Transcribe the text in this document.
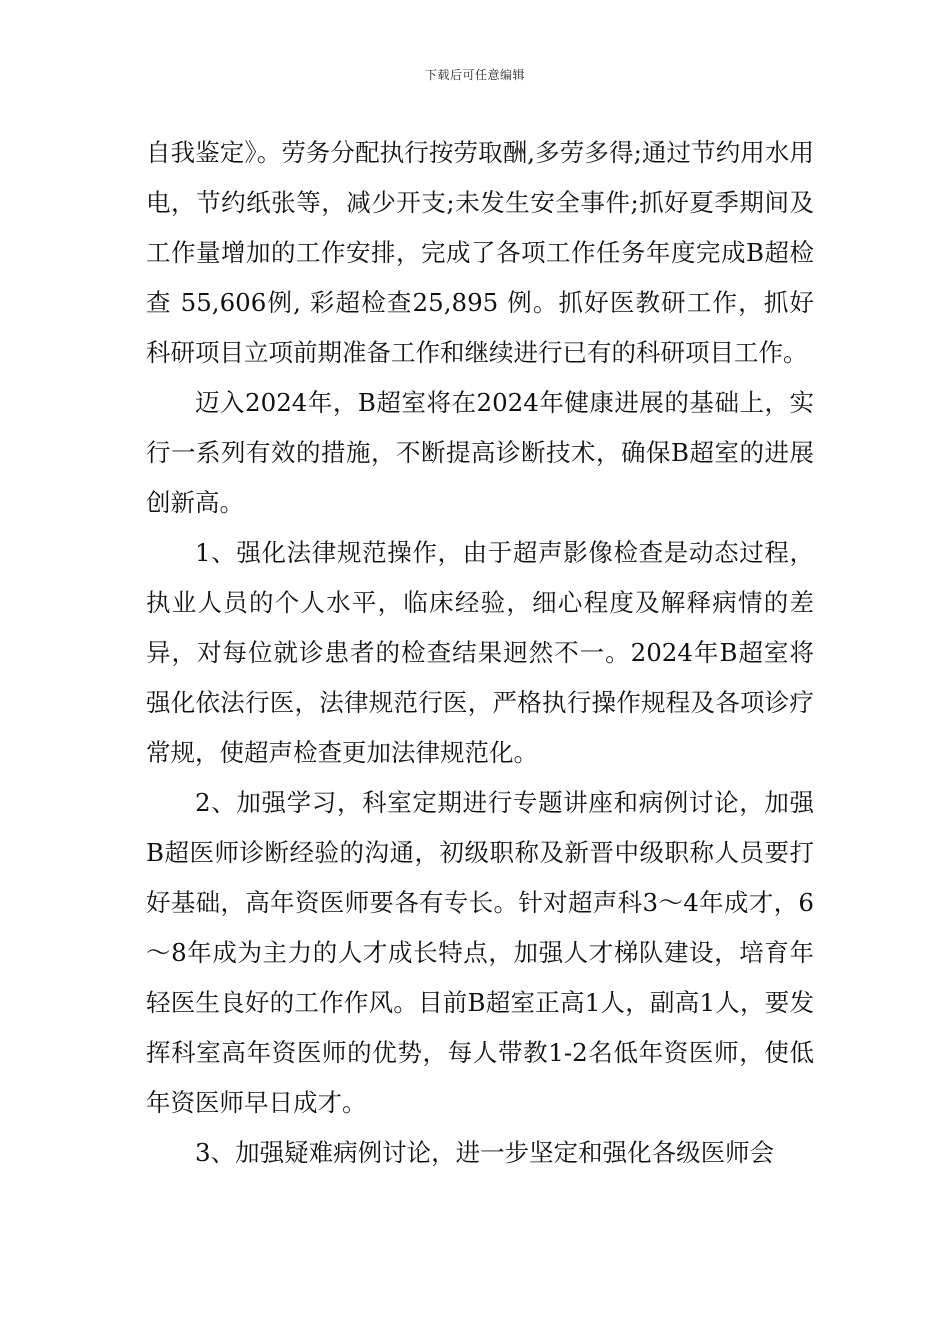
下载后可任意编辑

自我鉴定》。劳务分配执行按劳取酬,多劳多得;通过节约用水用电，节约纸张等，减少开支;未发生安全事件;抓好夏季期间及工作量增加的工作安排，完成了各项工作任务年度完成B超检查 55,606例, 彩超检查25,895 例。抓好医教研工作，抓好科研项目立项前期准备工作和继续进行已有的科研项目工作。

迈入2024年，B超室将在2024年健康进展的基础上，实行一系列有效的措施，不断提高诊断技术，确保B超室的进展创新高。

1、强化法律规范操作，由于超声影像检查是动态过程，执业人员的个人水平，临床经验，细心程度及解释病情的差异，对每位就诊患者的检查结果迥然不一。2024年B超室将强化依法行医，法律规范行医，严格执行操作规程及各项诊疗常规，使超声检查更加法律规范化。

2、加强学习，科室定期进行专题讲座和病例讨论，加强B超医师诊断经验的沟通，初级职称及新晋中级职称人员要打好基础，高年资医师要各有专长。针对超声科3～4年成才，6～8年成为主力的人才成长特点，加强人才梯队建设，培育年轻医生良好的工作作风。目前B超室正高1人，副高1人，要发挥科室高年资医师的优势，每人带教1-2名低年资医师，使低年资医师早日成才。

3、加强疑难病例讨论，进一步坚定和强化各级医师会
